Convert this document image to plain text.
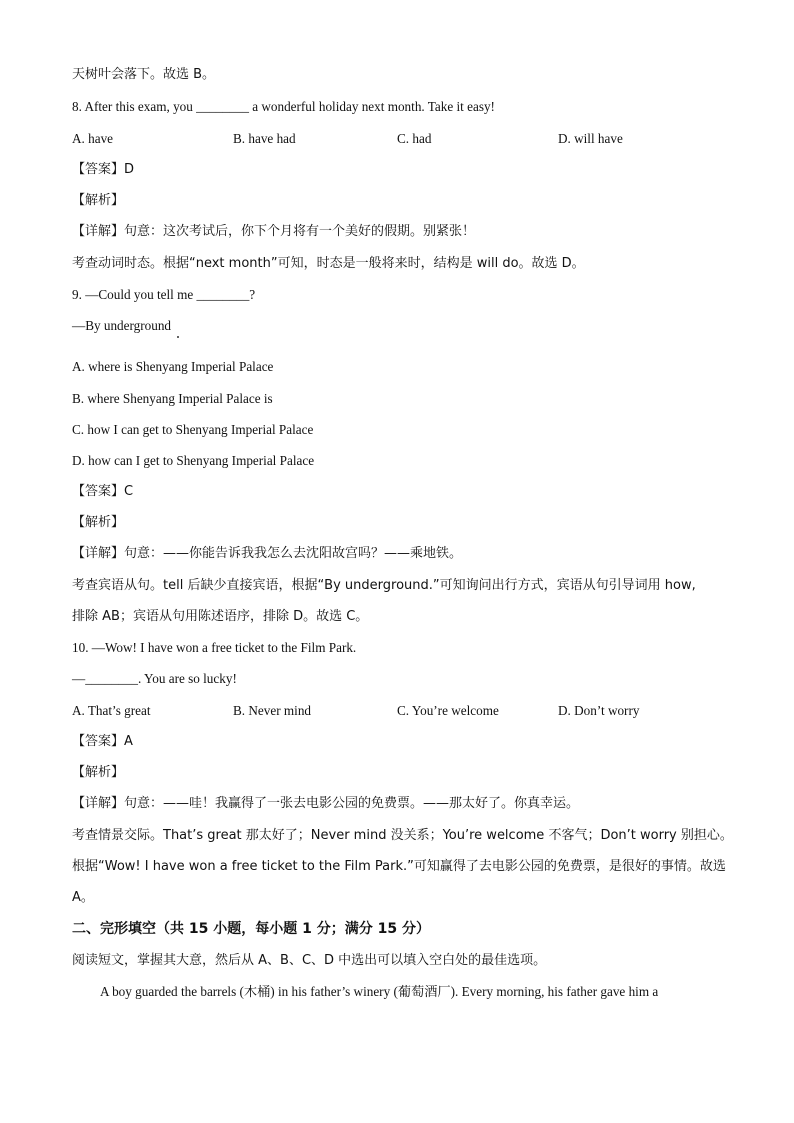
天树叶会落下。故选 B。
8. After this exam, you ________ a wonderful holiday next month. Take it easy!
A. have	B. have had	C. had	D. will have
【答案】D
【解析】
【详解】句意：这次考试后，你下个月将有一个美好的假期。别紧张！
考查动词时态。根据“next month”可知，时态是一般将来时，结构是 will do。故选 D。
9. —Could you tell me ________?
—By underground
A. where is Shenyang Imperial Palace
B. where Shenyang Imperial Palace is
C. how I can get to Shenyang Imperial Palace
D. how can I get to Shenyang Imperial Palace
【答案】C
【解析】
【详解】句意：——你能告诉我我怎么去沈阳故宫吗？——乘地铁。
考查宾语从句。tell 后缺少直接宾语，根据“By underground.”可知询问出行方式，宾语从句引导词用 how,
排除 AB；宾语从句用陈述语序，排除 D。故选 C。
10. —Wow! I have won a free ticket to the Film Park.
—________. You are so lucky!
A. That’s great	B. Never mind	C. You’re welcome	D. Don’t worry
【答案】A
【解析】
【详解】句意：——哇！我赢得了一张去电影公园的免费票。——那太好了。你真幸运。
考查情景交际。That’s great 那太好了；Never mind 没关系；You’re welcome 不客气；Don’t worry 别担心。
根据“Wow! I have won a free ticket to the Film Park.”可知赢得了去电影公园的免费票，是很好的事情。故选
A。
二、完形填空（共 15 小题，每小题 1 分；满分 15 分）
阅读短文，掌握其大意，然后从 A、B、C、D 中选出可以填入空白处的最佳选项。
A boy guarded the barrels (木桶) in his father’s winery (葡萄酒厂). Every morning, his father gave him a
